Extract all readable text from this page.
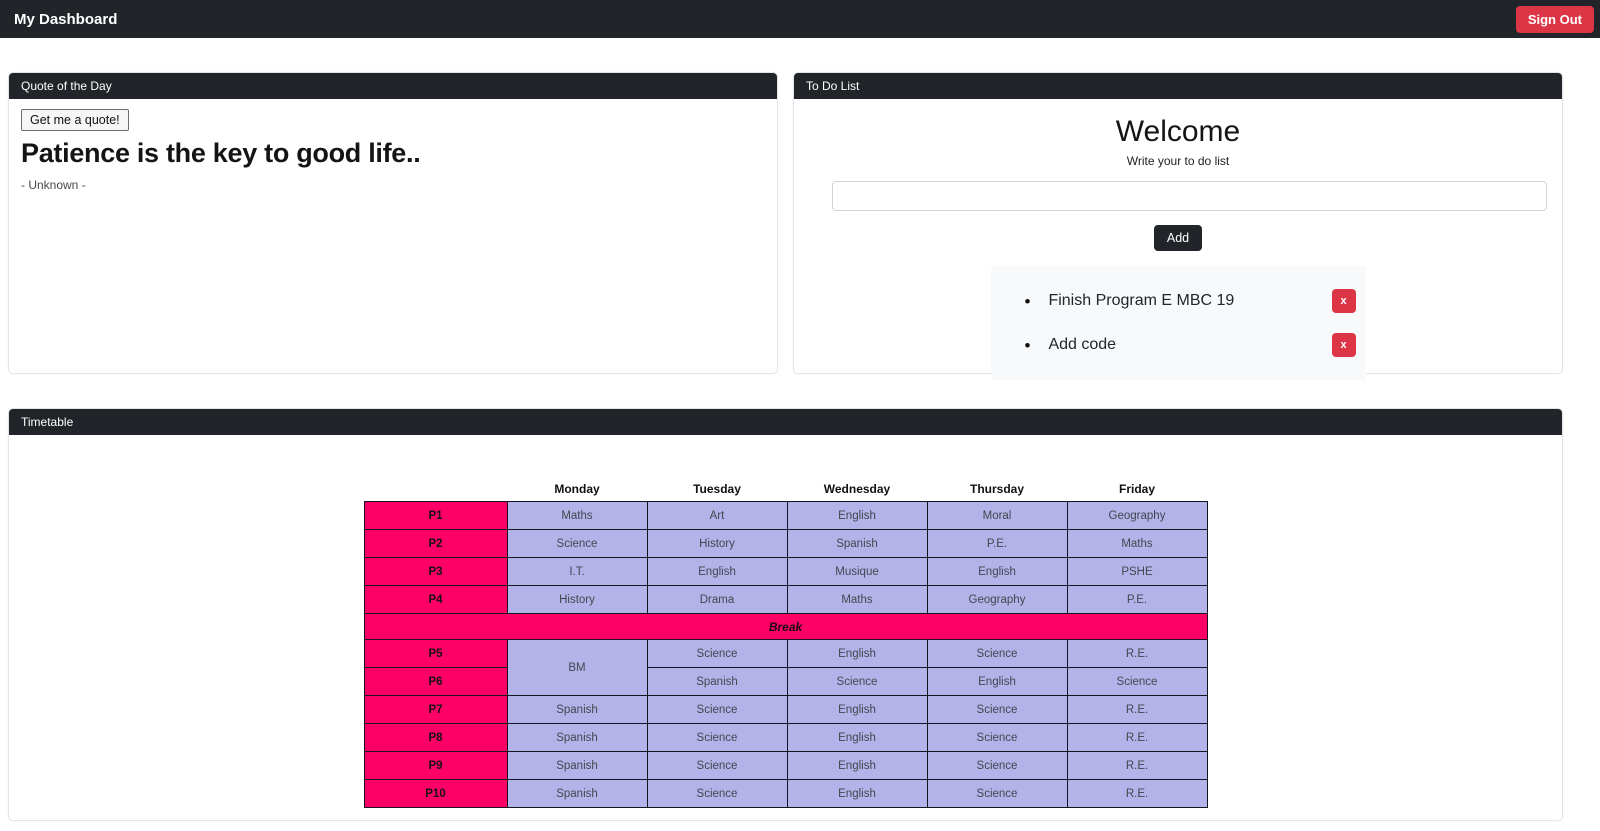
My Dashboard	Sign Out
Quote of the Day
Get me a quote!
Patience is the key to good life..
- Unknown -
To Do List
Welcome

Write your to do list

Add
• Finish Program E MBC 19	x
• Add code	x
Timetable
	Monday	Tuesday	Wednesday	Thursday	Friday
P1	Maths	Art	English	Moral	Geography
P2	Science	History	Spanish	P.E.	Maths
P3	I.T.	English	Musique	English	PSHE
P4	History	Drama	Maths	Geography	P.E.
Break					
P5	BM	Science	English	Science	R.E.
P6		Spanish	Science	English	Science
P7	Spanish	Science	English	Science	R.E.
P8	Spanish	Science	English	Science	R.E.
P9	Spanish	Science	English	Science	R.E.
P10	Spanish	Science	English	Science	R.E.
